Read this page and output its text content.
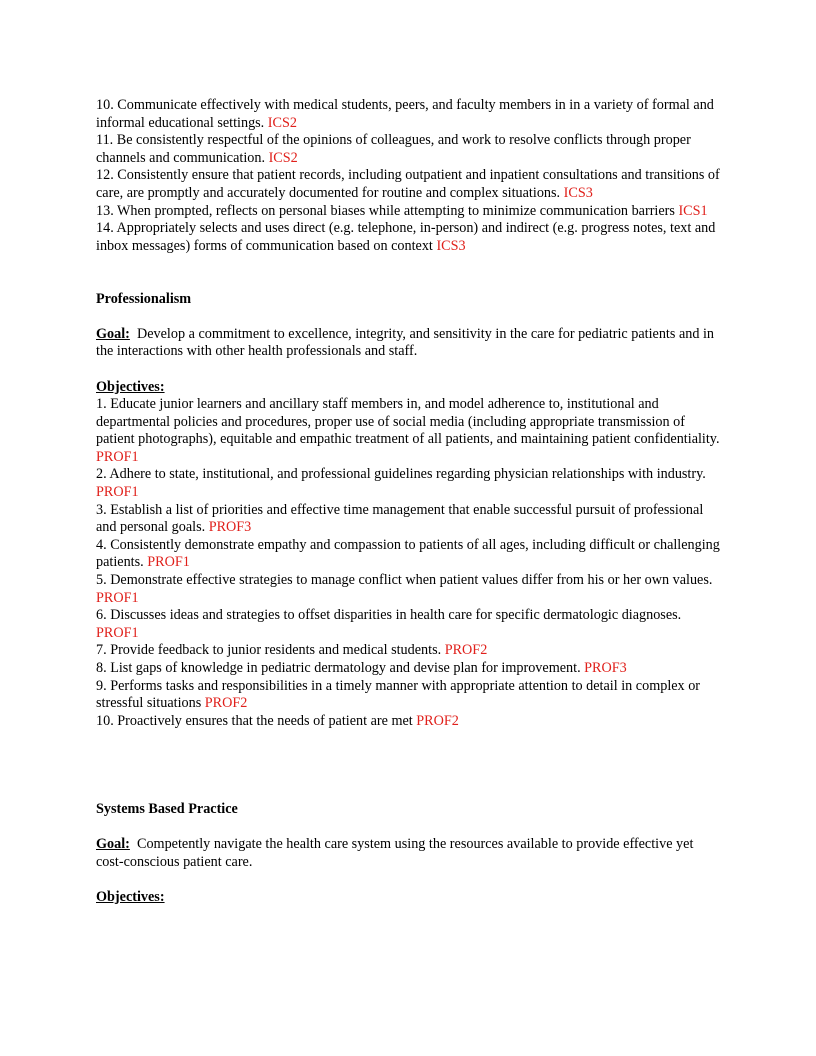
10. Communicate effectively with medical students, peers, and faculty members in in a variety of formal and informal educational settings. ICS2

11. Be consistently respectful of the opinions of colleagues, and work to resolve conflicts through proper channels and communication. ICS2

12. Consistently ensure that patient records, including outpatient and inpatient consultations and transitions of care, are promptly and accurately documented for routine and complex situations. ICS3

13. When prompted, reflects on personal biases while attempting to minimize communication barriers ICS1

14. Appropriately selects and uses direct (e.g. telephone, in-person) and indirect (e.g. progress notes, text and inbox messages) forms of communication based on context ICS3

Professionalism

Goal: Develop a commitment to excellence, integrity, and sensitivity in the care for pediatric patients and in the interactions with other health professionals and staff.

Objectives:

1. Educate junior learners and ancillary staff members in, and model adherence to, institutional and departmental policies and procedures, proper use of social media (including appropriate transmission of patient photographs), equitable and empathic treatment of all patients, and maintaining patient confidentiality. PROF1

2. Adhere to state, institutional, and professional guidelines regarding physician relationships with industry. PROF1

3. Establish a list of priorities and effective time management that enable successful pursuit of professional and personal goals. PROF3

4. Consistently demonstrate empathy and compassion to patients of all ages, including difficult or challenging patients. PROF1

5. Demonstrate effective strategies to manage conflict when patient values differ from his or her own values. PROF1

6. Discusses ideas and strategies to offset disparities in health care for specific dermatologic diagnoses. PROF1

7. Provide feedback to junior residents and medical students. PROF2

8. List gaps of knowledge in pediatric dermatology and devise plan for improvement. PROF3

9. Performs tasks and responsibilities in a timely manner with appropriate attention to detail in complex or stressful situations PROF2

10. Proactively ensures that the needs of patient are met PROF2

Systems Based Practice

Goal: Competently navigate the health care system using the resources available to provide effective yet cost-conscious patient care.

Objectives:
